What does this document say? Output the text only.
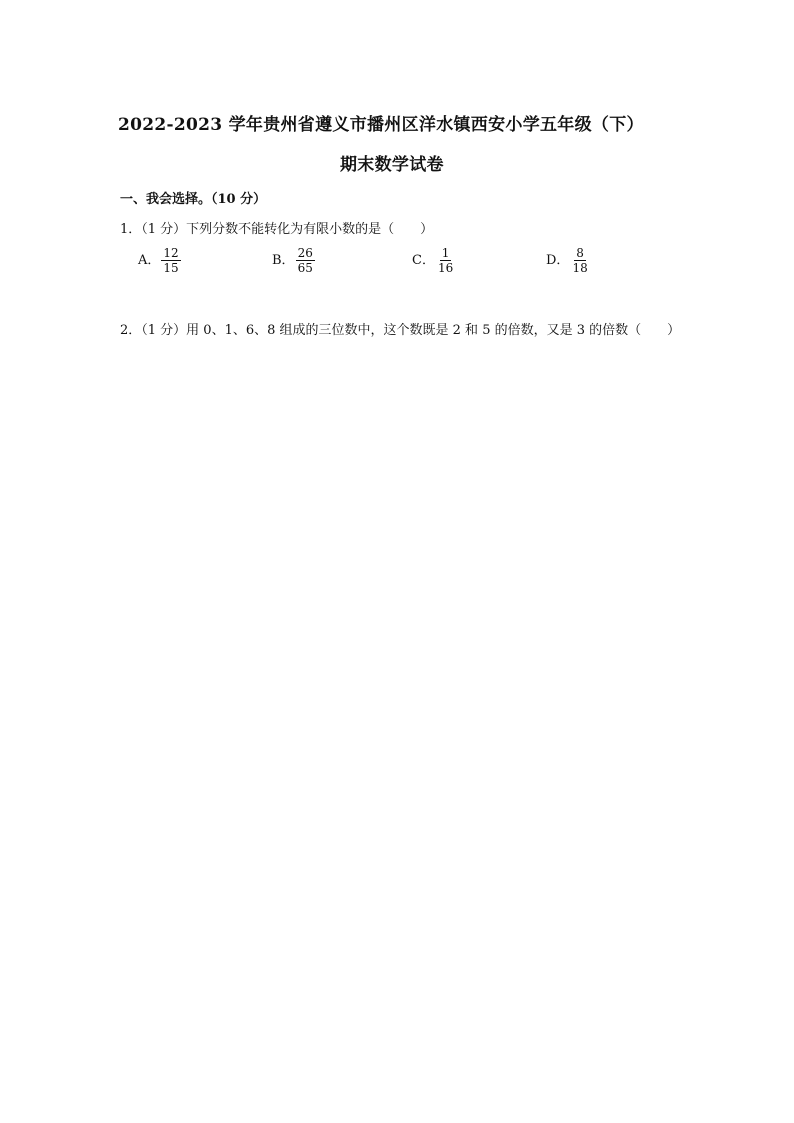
2022-2023 学年贵州省遵义市播州区洋水镇西安小学五年级（下）
期末数学试卷
一、我会选择。（10 分）
1．（1 分）下列分数不能转化为有限小数的是（　　）
A． $\frac{12}{15}$	B． $\frac{26}{65}$	C． $\frac{1}{16}$	D． $\frac{8}{18}$
2．（1 分）用 0、1、6、8 组成的三位数中，这个数既是 2 和 5 的倍数，又是 3 的倍数（　　）
